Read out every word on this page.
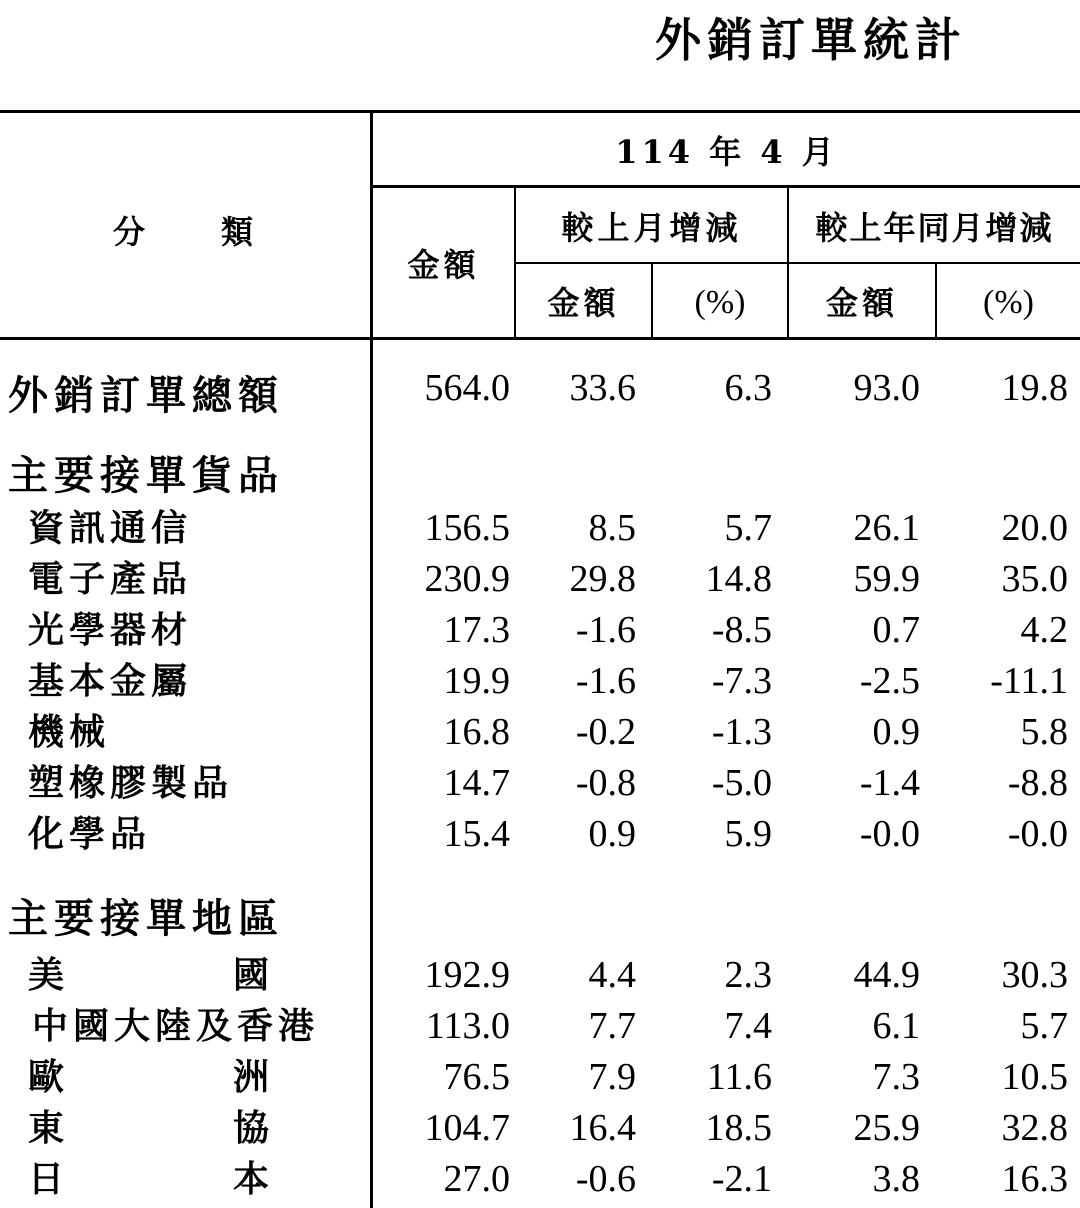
外銷訂單統計
分　　類
114 年 4 月
金額
較上月增減	較上年同月增減
金額	(%)	金額	(%)
外銷訂單總額	564.0 33.6 6.3 93.0 19.8
主要接單貨品
資訊通信	156.5 8.5 5.7 26.1 20.0
電子產品	230.9 29.8 14.8 59.9 35.0
光學器材	17.3 -1.6 -8.5	0.7	4.2
基本金屬	19.9 -1.6 -7.3 -2.5 -11.1
機械	16.8 -0.2 -1.3	0.9	5.8
塑橡膠製品	14.7 -0.8 -5.0 -1.4 -8.8
化學品	15.4 0.9 5.9 -0.0 -0.0
主要接單地區
美	國	192.9 4.4 2.3 44.9 30.3
中國大陸及香港	113.0 7.7 7.4	6.1	5.7
歐	洲	76.5 7.9 11.6	7.3 10.5
東	協	104.7 16.4 18.5 25.9 32.8
日	本	27.0 -0.6 -2.1	3.8 16.3
